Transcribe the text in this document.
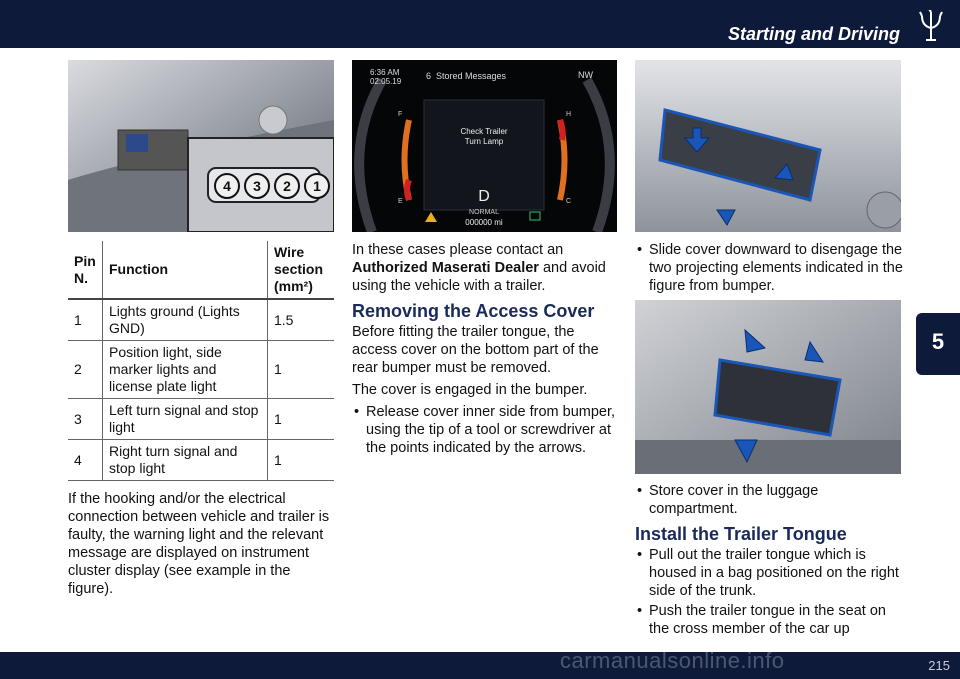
Starting and Driving
5
4	3	2	1
Pin N.	Function	Wire section (mm²)
1	Lights ground (Lights GND)	1.5
2	Position light, side marker lights and license plate light	1
3	Left turn signal and stop light	1
4	Right turn signal and stop light	1

If the hooking and/or the electrical connection between vehicle and trailer is faulty, the warning light and the relevant message are displayed on instrument cluster display (see example in the figure).

6:36 AM
02:05.19
6  Stored Messages	NW
Check Trailer
Turn Lamp
D
NORMAL
000000 mi
F
E
H
C

In these cases please contact an Authorized Maserati Dealer and avoid using the vehicle with a trailer.

Removing the Access Cover

Before fitting the trailer tongue, the access cover on the bottom part of the rear bumper must be removed.

The cover is engaged in the bumper.

• Release cover inner side from bumper, using the tip of a tool or screwdriver at the points indicated by the arrows.
• Slide cover downward to disengage the two projecting elements indicated in the figure from bumper.
• Store cover in the luggage compartment.
Install the Trailer Tongue
• Pull out the trailer tongue which is housed in a bag positioned on the right side of the trunk.
• Push the trailer tongue in the seat on the cross member of the car up
215
carmanualsonline.info
